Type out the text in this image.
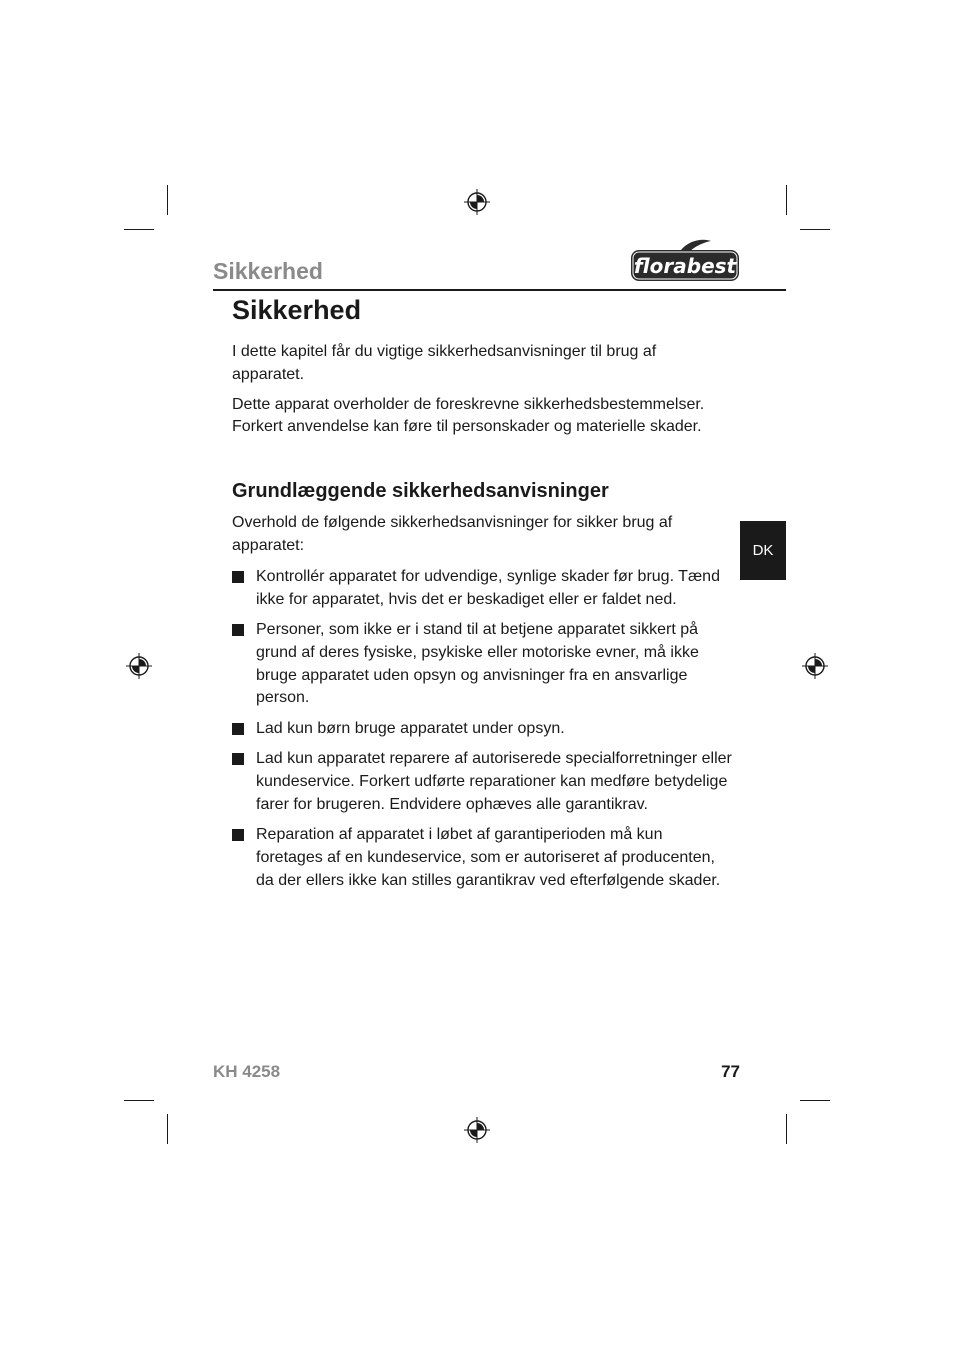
Sikkerhed	florabest
Sikkerhed

I dette kapitel får du vigtige sikkerhedsanvisninger til brug af apparatet.

Dette apparat overholder de foreskrevne sikkerhedsbestemmelser. Forkert anvendelse kan føre til personskader og materielle skader.

Grundlæggende sikkerhedsanvisninger

Overhold de følgende sikkerhedsanvisninger for sikker brug af apparatet:

Kontrollér apparatet for udvendige, synlige skader før brug. Tænd ikke for apparatet, hvis det er beskadiget eller er faldet ned.
Personer, som ikke er i stand til at betjene apparatet sikkert på grund af deres fysiske, psykiske eller motoriske evner, må ikke bruge apparatet uden opsyn og anvisninger fra en ansvarlige person.
Lad kun børn bruge apparatet under opsyn.
Lad kun apparatet reparere af autoriserede specialforretninger eller kundeservice. Forkert udførte reparationer kan medføre betydelige farer for brugeren. Endvidere ophæves alle garantikrav.
Reparation af apparatet i løbet af garantiperioden må kun foretages af en kundeservice, som er autoriseret af producenten, da der ellers ikke kan stilles garantikrav ved efterfølgende skader.
DK
KH 4258	77
